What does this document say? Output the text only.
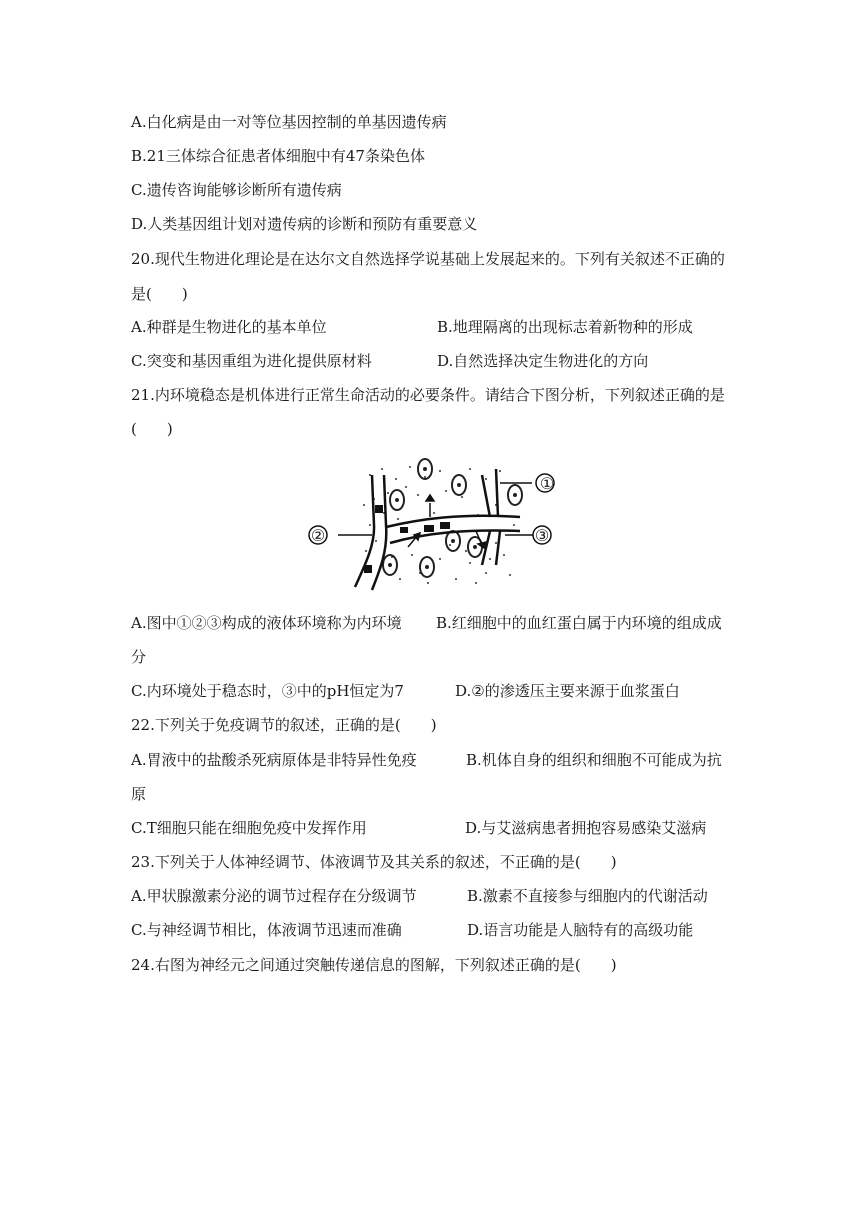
A.白化病是由一对等位基因控制的单基因遗传病
B.21三体综合征患者体细胞中有47条染色体
C.遗传咨询能够诊断所有遗传病
D.人类基因组计划对遗传病的诊断和预防有重要意义
20.现代生物进化理论是在达尔文自然选择学说基础上发展起来的。下列有关叙述不正确的
是(　　)
A.种群是生物进化的基本单位	B.地理隔离的出现标志着新物种的形成
C.突变和基因重组为进化提供原材料	D.自然选择决定生物进化的方向
21.内环境稳态是机体进行正常生命活动的必要条件。请结合下图分析，下列叙述正确的是
(　　)
①
②	③
A.图中①②③构成的液体环境称为内环境 B.红细胞中的血红蛋白属于内环境的组成成
分
C.内环境处于稳态时，③中的pH恒定为7	D.②的渗透压主要来源于血浆蛋白
22.下列关于免疫调节的叙述，正确的是(　　)
A.胃液中的盐酸杀死病原体是非特异性免疫	B.机体自身的组织和细胞不可能成为抗
原
C.T细胞只能在细胞免疫中发挥作用	D.与艾滋病患者拥抱容易感染艾滋病
23.下列关于人体神经调节、体液调节及其关系的叙述，不正确的是(　　)
A.甲状腺激素分泌的调节过程存在分级调节	B.激素不直接参与细胞内的代谢活动
C.与神经调节相比，体液调节迅速而准确	D.语言功能是人脑特有的高级功能
24.右图为神经元之间通过突触传递信息的图解，下列叙述正确的是(　　)
